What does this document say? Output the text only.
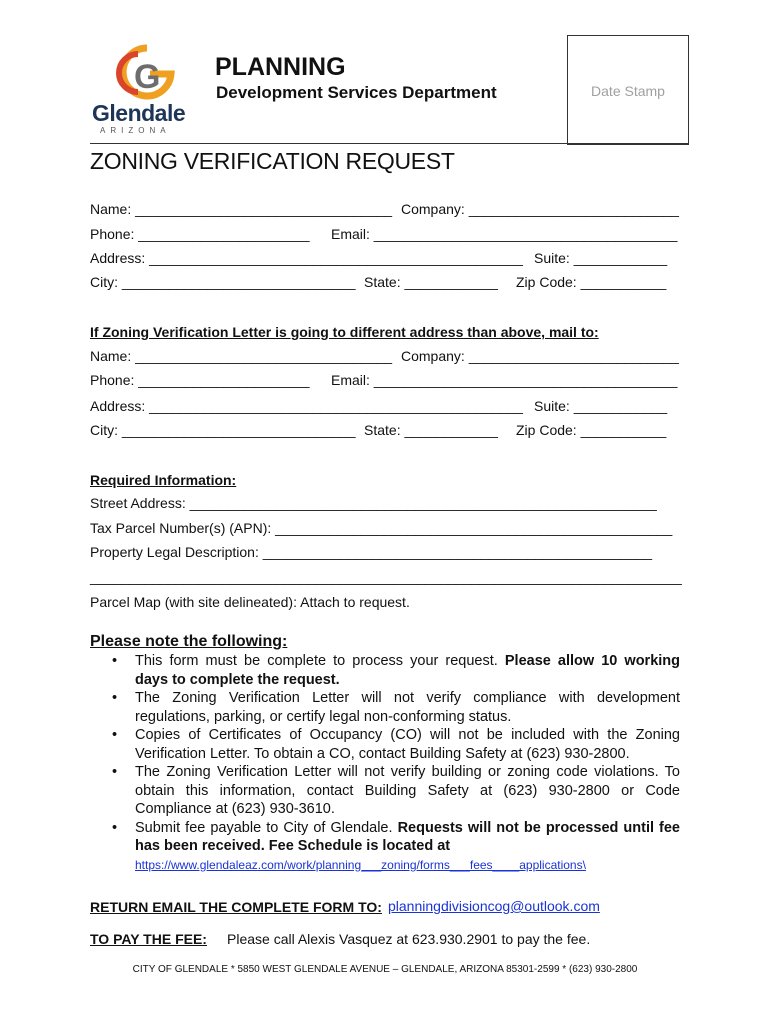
G
Glendale
ARIZONA
PLANNING
Development Services Department	Date Stamp
ZONING VERIFICATION REQUEST
Name: _________________________________ Company: ___________________________
Phone: ______________________ Email: _______________________________________
Address: ________________________________________________ Suite: ____________
City: ______________________________ State: ____________ Zip Code: ___________
If Zoning Verification Letter is going to different address than above, mail to:
Name: _________________________________ Company: ___________________________
Phone: ______________________ Email: _______________________________________
Address: ________________________________________________ Suite: ____________
City: ______________________________ State: ____________ Zip Code: ___________
Required Information:
Street Address: ____________________________________________________________
Tax Parcel Number(s) (APN): ___________________________________________________
Property Legal Description: __________________________________________________
____________________________________________________________________________
Parcel Map (with site delineated): Attach to request.
Please note the following:
• This form must be complete to process your request. Please allow 10 working days to complete the request.
• The Zoning Verification Letter will not verify compliance with development regulations, parking, or certify legal non-conforming status.
• Copies of Certificates of Occupancy (CO) will not be included with the Zoning Verification Letter. To obtain a CO, contact Building Safety at (623) 930-2800.
• The Zoning Verification Letter will not verify building or zoning code violations. To obtain this information, contact Building Safety at (623) 930-2800 or Code Compliance at (623) 930-3610.
• Submit fee payable to City of Glendale. Requests will not be processed until fee has been received. Fee Schedule is located at
https://www.glendaleaz.com/work/planning___zoning/forms___fees____applications\
RETURN EMAIL THE COMPLETE FORM TO: planningdivisioncog@outlook.com
TO PAY THE FEE: Please call Alexis Vasquez at 623.930.2901 to pay the fee.
CITY OF GLENDALE * 5850 WEST GLENDALE AVENUE – GLENDALE, ARIZONA 85301-2599 * (623) 930-2800
